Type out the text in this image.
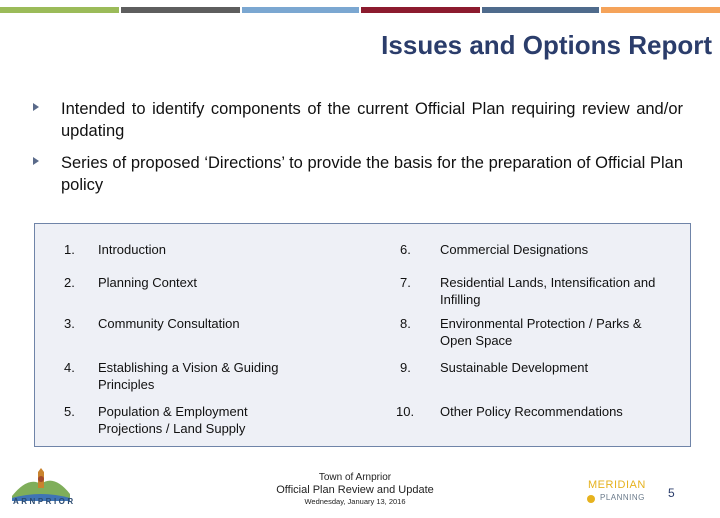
Issues and Options Report
Intended to identify components of the current Official Plan requiring review and/or updating
Series of proposed ‘Directions’ to provide the basis for the preparation of Official Plan policy
1. Introduction
2. Planning Context
3. Community Consultation
4. Establishing a Vision & Guiding Principles
5. Population & Employment Projections / Land Supply
6. Commercial Designations
7. Residential Lands, Intensification and Infilling
8. Environmental Protection / Parks & Open Space
9. Sustainable Development
10. Other Policy Recommendations
ARNPRIOR
Town of Arnprior
Official Plan Review and Update
Wednesday, January 13, 2016
MERIDIAN
PLANNING 5
